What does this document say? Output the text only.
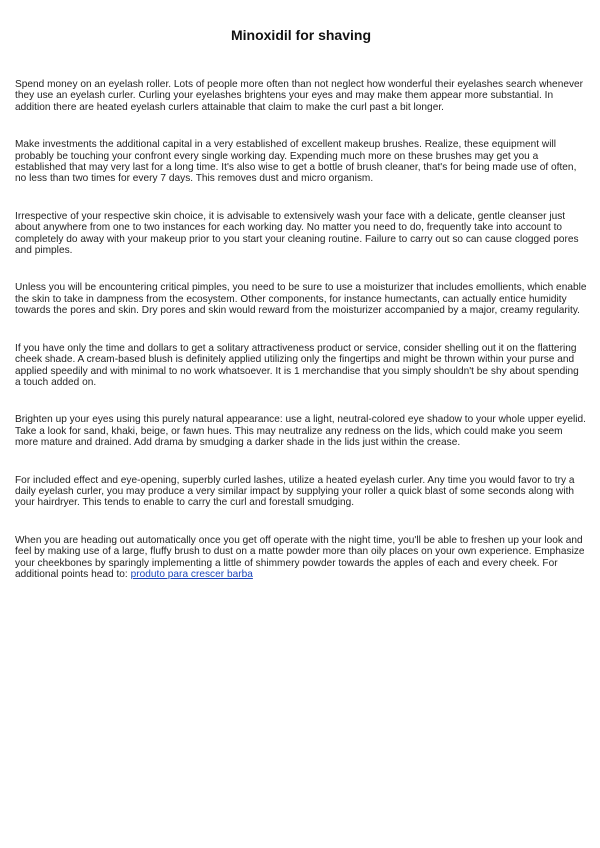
Minoxidil for shaving

Spend money on an eyelash roller. Lots of people more often than not neglect how wonderful their eyelashes search whenever they use an eyelash curler. Curling your eyelashes brightens your eyes and may make them appear more substantial. In addition there are heated eyelash curlers attainable that claim to make the curl past a bit longer.

Make investments the additional capital in a very established of excellent makeup brushes. Realize, these equipment will probably be touching your confront every single working day. Expending much more on these brushes may get you a established that may very last for a long time. It's also wise to get a bottle of brush cleaner, that's for being made use of often, no less than two times for every 7 days. This removes dust and micro organism.

Irrespective of your respective skin choice, it is advisable to extensively wash your face with a delicate, gentle cleanser just about anywhere from one to two instances for each working day. No matter you need to do, frequently take into account to completely do away with your makeup prior to you start your cleaning routine. Failure to carry out so can cause clogged pores and pimples.

Unless you will be encountering critical pimples, you need to be sure to use a moisturizer that includes emollients, which enable the skin to take in dampness from the ecosystem. Other components, for instance humectants, can actually entice humidity towards the pores and skin. Dry pores and skin would reward from the moisturizer accompanied by a major, creamy regularity.

If you have only the time and dollars to get a solitary attractiveness product or service, consider shelling out it on the flattering cheek shade. A cream-based blush is definitely applied utilizing only the fingertips and might be thrown within your purse and applied speedily and with minimal to no work whatsoever. It is 1 merchandise that you simply shouldn't be shy about spending a touch added on.

Brighten up your eyes using this purely natural appearance: use a light, neutral-colored eye shadow to your whole upper eyelid. Take a look for sand, khaki, beige, or fawn hues. This may neutralize any redness on the lids, which could make you seem more mature and drained. Add drama by smudging a darker shade in the lids just within the crease.

For included effect and eye-opening, superbly curled lashes, utilize a heated eyelash curler. Any time you would favor to try a daily eyelash curler, you may produce a very similar impact by supplying your roller a quick blast of some seconds along with your hairdryer. This tends to enable to carry the curl and forestall smudging.

When you are heading out automatically once you get off operate with the night time, you'll be able to freshen up your look and feel by making use of a large, fluffy brush to dust on a matte powder more than oily places on your own experience. Emphasize your cheekbones by sparingly implementing a little of shimmery powder towards the apples of each and every cheek. For additional points head to: produto para crescer barba
